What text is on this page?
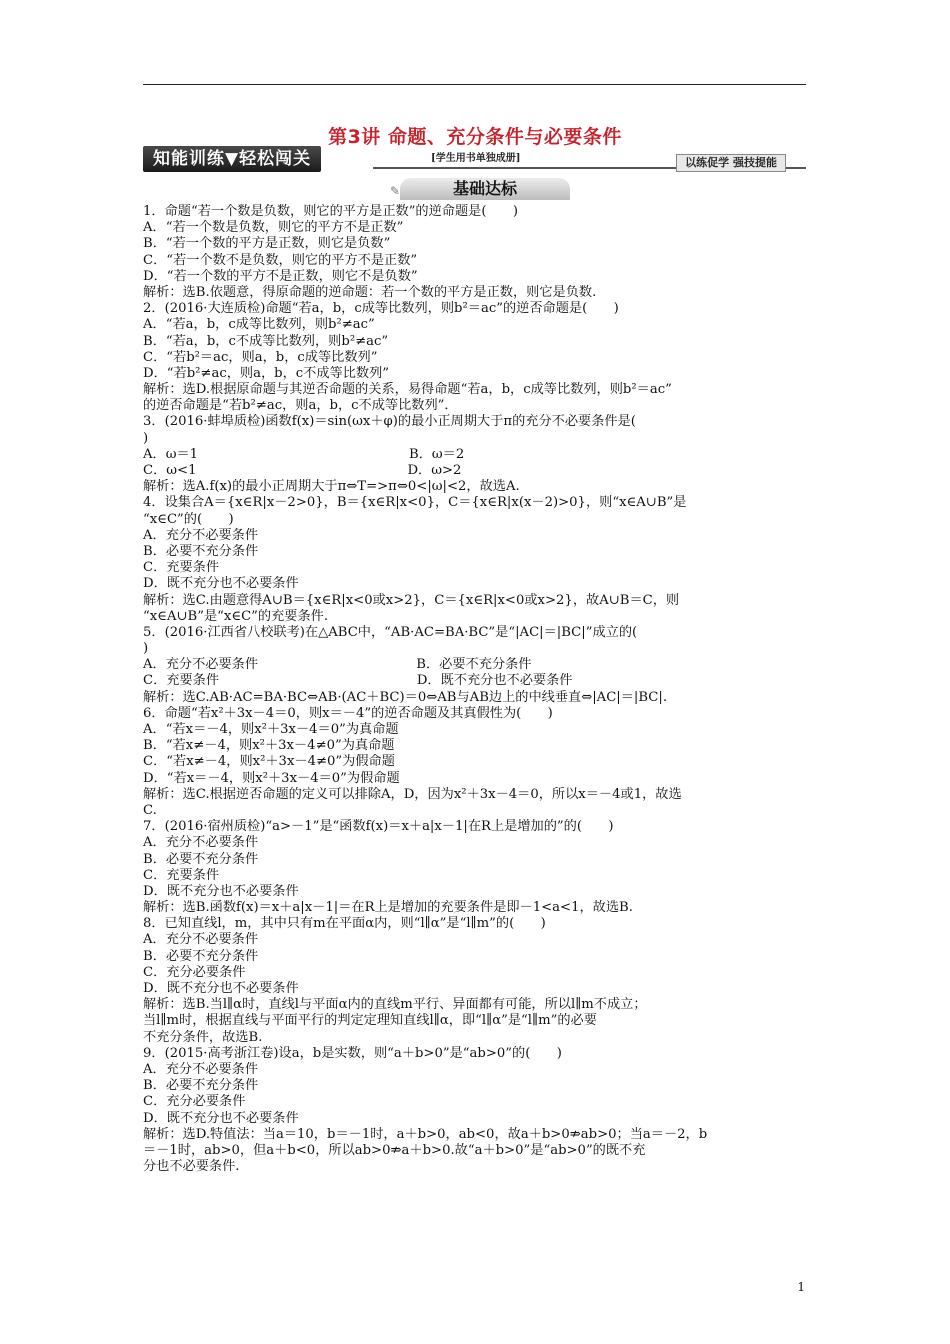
第3讲 命题、充分条件与必要条件
知能训练▼轻松闯关	[学生用书单独成册]	以练促学 强技提能
✎	基础达标
1．命题“若一个数是负数，则它的平方是正数”的逆命题是(　　)
A．“若一个数是负数，则它的平方不是正数”
B．“若一个数的平方是正数，则它是负数”
C．“若一个数不是负数，则它的平方不是正数”
D．“若一个数的平方不是正数，则它不是负数”
解析：选B.依题意，得原命题的逆命题：若一个数的平方是正数，则它是负数.
2．(2016·大连质检)命题“若a，b，c成等比数列，则b²＝ac”的逆否命题是(　　)
A．“若a，b，c成等比数列，则b²≠ac”
B．“若a，b，c不成等比数列，则b²≠ac”
C．“若b²＝ac，则a，b，c成等比数列”
D．“若b²≠ac，则a，b，c不成等比数列”
解析：选D.根据原命题与其逆否命题的关系，易得命题“若a，b，c成等比数列，则b²＝ac”
的逆否命题是“若b²≠ac，则a，b，c不成等比数列”．
3．(2016·蚌埠质检)函数f(x)＝sin(ωx＋φ)的最小正周期大于π的充分不必要条件是(
)
A．ω＝1　　　　　　　　　　　　　　　　B．ω＝2
C．ω<1　　　　　　　　　　　　　　　　D．ω>2
解析：选A.f(x)的最小正周期大于π⇔T=>π⇔0<|ω|<2，故选A.
4．设集合A＝{x∈R|x－2>0}，B＝{x∈R|x<0}，C＝{x∈R|x(x－2)>0}，则“x∈A∪B”是
“x∈C”的(　　)
A．充分不必要条件
B．必要不充分条件
C．充要条件
D．既不充分也不必要条件
解析：选C.由题意得A∪B＝{x∈R|x<0或x>2}，C＝{x∈R|x<0或x>2}，故A∪B＝C，则
“x∈A∪B”是“x∈C”的充要条件.
5．(2016·江西省八校联考)在△ABC中，“AB·AC=BA·BC”是“|AC|＝|BC|”成立的(
)
A．充分不必要条件　　　　　　　　　　　　B．必要不充分条件
C．充要条件　　　　　　　　　　　　　　　D．既不充分也不必要条件
解析：选C.AB·AC=BA·BC⇔AB·(AC＋BC)＝0⇔AB与AB边上的中线垂直⇔|AC|＝|BC|.
6．命题“若x²＋3x－4＝0，则x＝－4”的逆否命题及其真假性为(　　)
A．“若x＝－4，则x²＋3x－4＝0”为真命题
B．“若x≠－4，则x²＋3x－4≠0”为真命题
C．“若x≠－4，则x²＋3x－4≠0”为假命题
D．“若x＝－4，则x²＋3x－4＝0”为假命题
解析：选C.根据逆否命题的定义可以排除A，D，因为x²＋3x－4＝0，所以x＝－4或1，故选
C.
7．(2016·宿州质检)“a>－1”是“函数f(x)＝x＋a|x－1|在R上是增加的”的(　　)
A．充分不必要条件
B．必要不充分条件
C．充要条件
D．既不充分也不必要条件
解析：选B.函数f(x)＝x＋a|x－1|＝在R上是增加的充要条件是即－1<a<1，故选B.
8．已知直线l，m，其中只有m在平面α内，则“l∥α”是“l∥m”的(　　)
A．充分不必要条件
B．必要不充分条件
C．充分必要条件
D．既不充分也不必要条件
解析：选B.当l∥α时，直线l与平面α内的直线m平行、异面都有可能，所以l∥m不成立；
当l∥m时，根据直线与平面平行的判定定理知直线l∥α，即“l∥α”是“l∥m”的必要
不充分条件，故选B.
9．(2015·高考浙江卷)设a，b是实数，则“a＋b>0”是“ab>0”的(　　)
A．充分不必要条件
B．必要不充分条件
C．充分必要条件
D．既不充分也不必要条件
解析：选D.特值法：当a＝10，b＝－1时，a＋b>0，ab<0，故a＋b>0⇏ab>0；当a＝－2，b
＝－1时，ab>0，但a＋b<0，所以ab>0⇏a＋b>0.故“a＋b>0”是“ab>0”的既不充
分也不必要条件.
1
